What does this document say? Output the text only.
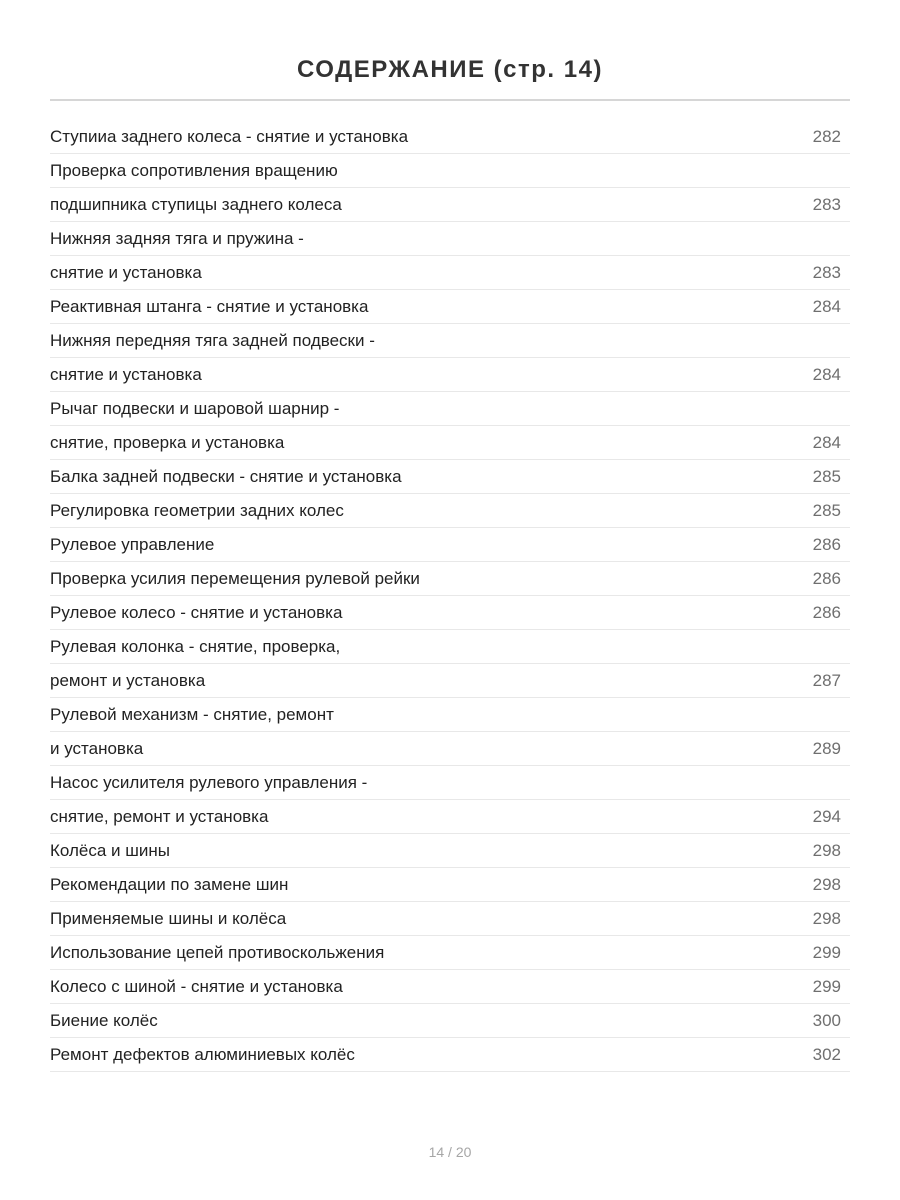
СОДЕРЖАНИЕ (стр. 14)
Ступииа заднего колеса - снятие и установка	282
Проверка сопротивления вращению
подшипника ступицы заднего колеса	283
Нижняя задняя тяга и пружина -
снятие и установка	283
Реактивная штанга - снятие и установка	284
Нижняя передняя тяга задней подвески -
снятие и установка	284
Рычаг подвески и шаровой шарнир -
снятие, проверка и установка	284
Балка задней подвески - снятие и установка	285
Регулировка геометрии задних колес	285
Рулевое управление	286
Проверка усилия перемещения рулевой рейки	286
Рулевое колесо - снятие и установка	286
Рулевая колонка - снятие, проверка,
ремонт и установка	287
Рулевой механизм - снятие, ремонт
и установка	289
Насос усилителя рулевого управления -
снятие, ремонт и установка	294
Колёса и шины	298
Рекомендации по замене шин	298
Применяемые шины и колёса	298
Использование цепей противоскольжения	299
Колесо с шиной - снятие и установка	299
Биение колёс	300
Ремонт дефектов алюминиевых колёс	302
14 / 20
